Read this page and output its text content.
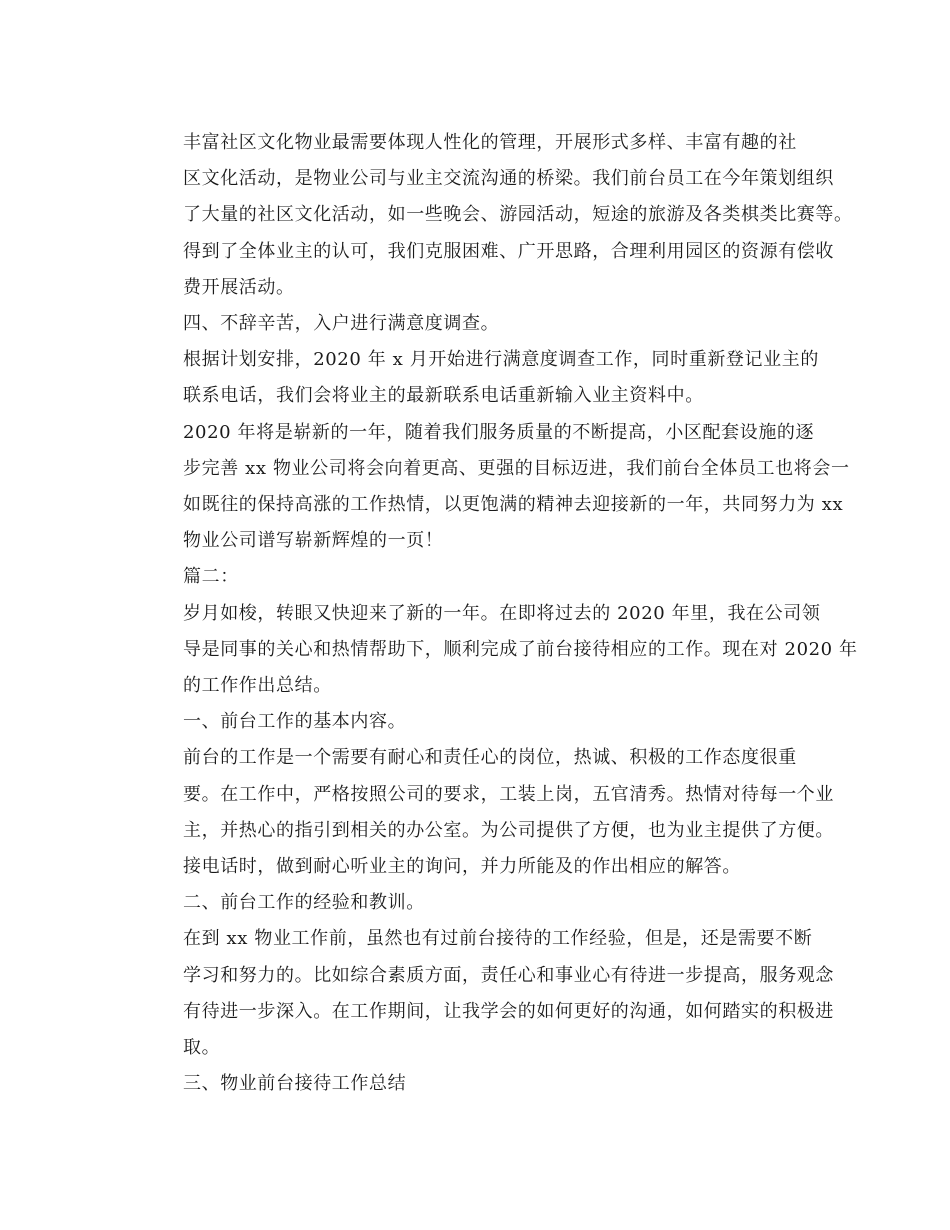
丰富社区文化物业最需要体现人性化的管理，开展形式多样、丰富有趣的社
区文化活动，是物业公司与业主交流沟通的桥梁。我们前台员工在今年策划组织
了大量的社区文化活动，如一些晚会、游园活动，短途的旅游及各类棋类比赛等。
得到了全体业主的认可，我们克服困难、广开思路，合理利用园区的资源有偿收
费开展活动。

四、不辞辛苦，入户进行满意度调查。

根据计划安排，2020 年 x 月开始进行满意度调查工作，同时重新登记业主的
联系电话，我们会将业主的最新联系电话重新输入业主资料中。

2020 年将是崭新的一年，随着我们服务质量的不断提高，小区配套设施的逐
步完善 xx 物业公司将会向着更高、更强的目标迈进，我们前台全体员工也将会一
如既往的保持高涨的工作热情，以更饱满的精神去迎接新的一年，共同努力为 xx
物业公司谱写崭新辉煌的一页！

篇二：

岁月如梭，转眼又快迎来了新的一年。在即将过去的 2020 年里，我在公司领
导是同事的关心和热情帮助下，顺利完成了前台接待相应的工作。现在对 2020 年
的工作作出总结。

一、前台工作的基本内容。

前台的工作是一个需要有耐心和责任心的岗位，热诚、积极的工作态度很重
要。在工作中，严格按照公司的要求，工装上岗，五官清秀。热情对待每一个业
主，并热心的指引到相关的办公室。为公司提供了方便，也为业主提供了方便。
接电话时，做到耐心听业主的询问，并力所能及的作出相应的解答。

二、前台工作的经验和教训。

在到 xx 物业工作前，虽然也有过前台接待的工作经验，但是，还是需要不断
学习和努力的。比如综合素质方面，责任心和事业心有待进一步提高，服务观念
有待进一步深入。在工作期间，让我学会的如何更好的沟通，如何踏实的积极进
取。

三、物业前台接待工作总结
